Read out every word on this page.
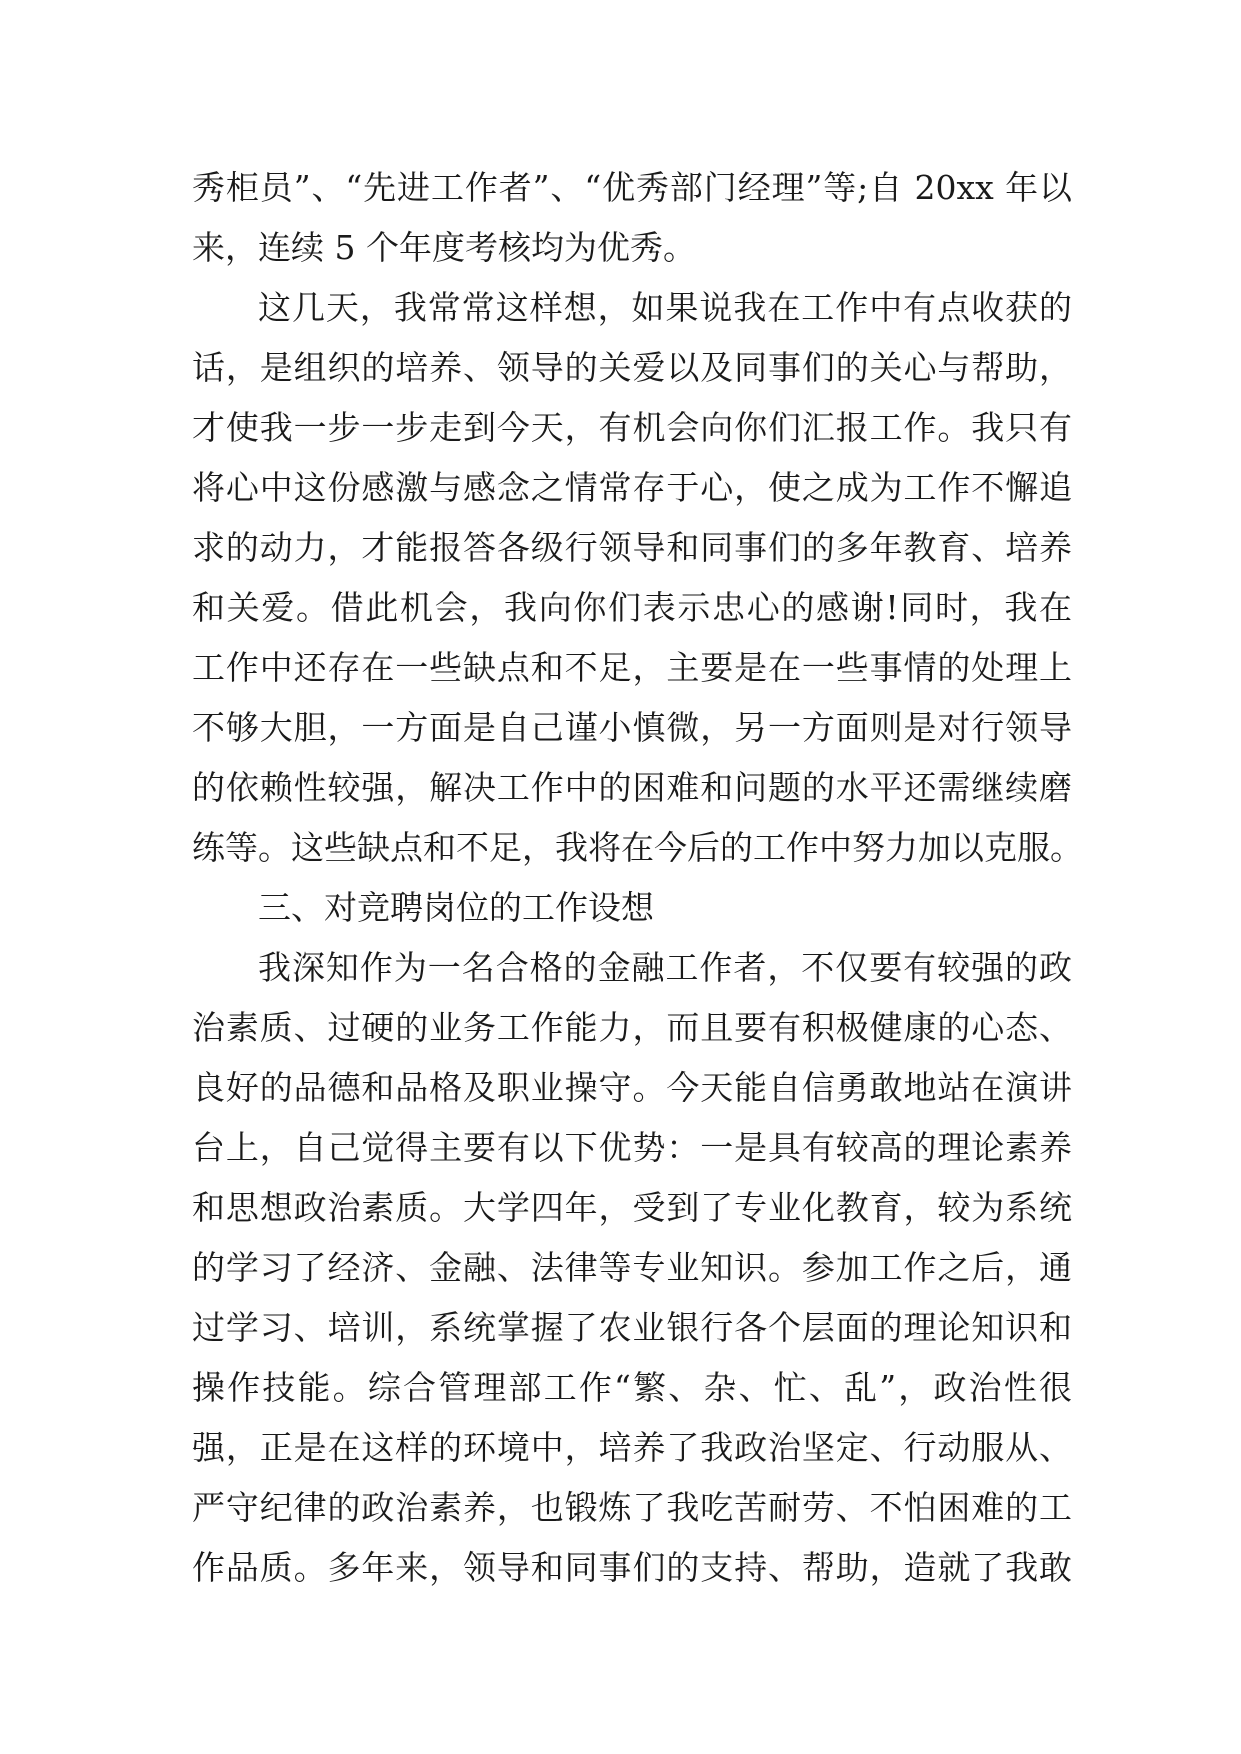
秀柜员”、“先进工作者”、“优秀部门经理”等;自 20xx 年以
来，连续 5 个年度考核均为优秀。
这几天，我常常这样想，如果说我在工作中有点收获的
话，是组织的培养、领导的关爱以及同事们的关心与帮助，
才使我一步一步走到今天，有机会向你们汇报工作。我只有
将心中这份感激与感念之情常存于心，使之成为工作不懈追
求的动力，才能报答各级行领导和同事们的多年教育、培养
和关爱。借此机会，我向你们表示忠心的感谢!同时，我在
工作中还存在一些缺点和不足，主要是在一些事情的处理上
不够大胆，一方面是自己谨小慎微，另一方面则是对行领导
的依赖性较强，解决工作中的困难和问题的水平还需继续磨
练等。这些缺点和不足，我将在今后的工作中努力加以克服。
三、对竞聘岗位的工作设想
我深知作为一名合格的金融工作者，不仅要有较强的政
治素质、过硬的业务工作能力，而且要有积极健康的心态、
良好的品德和品格及职业操守。今天能自信勇敢地站在演讲
台上，自己觉得主要有以下优势：一是具有较高的理论素养
和思想政治素质。大学四年，受到了专业化教育，较为系统
的学习了经济、金融、法律等专业知识。参加工作之后，通
过学习、培训，系统掌握了农业银行各个层面的理论知识和
操作技能。综合管理部工作“繁、杂、忙、乱”，政治性很
强，正是在这样的环境中，培养了我政治坚定、行动服从、
严守纪律的政治素养，也锻炼了我吃苦耐劳、不怕困难的工
作品质。多年来，领导和同事们的支持、帮助，造就了我敢
